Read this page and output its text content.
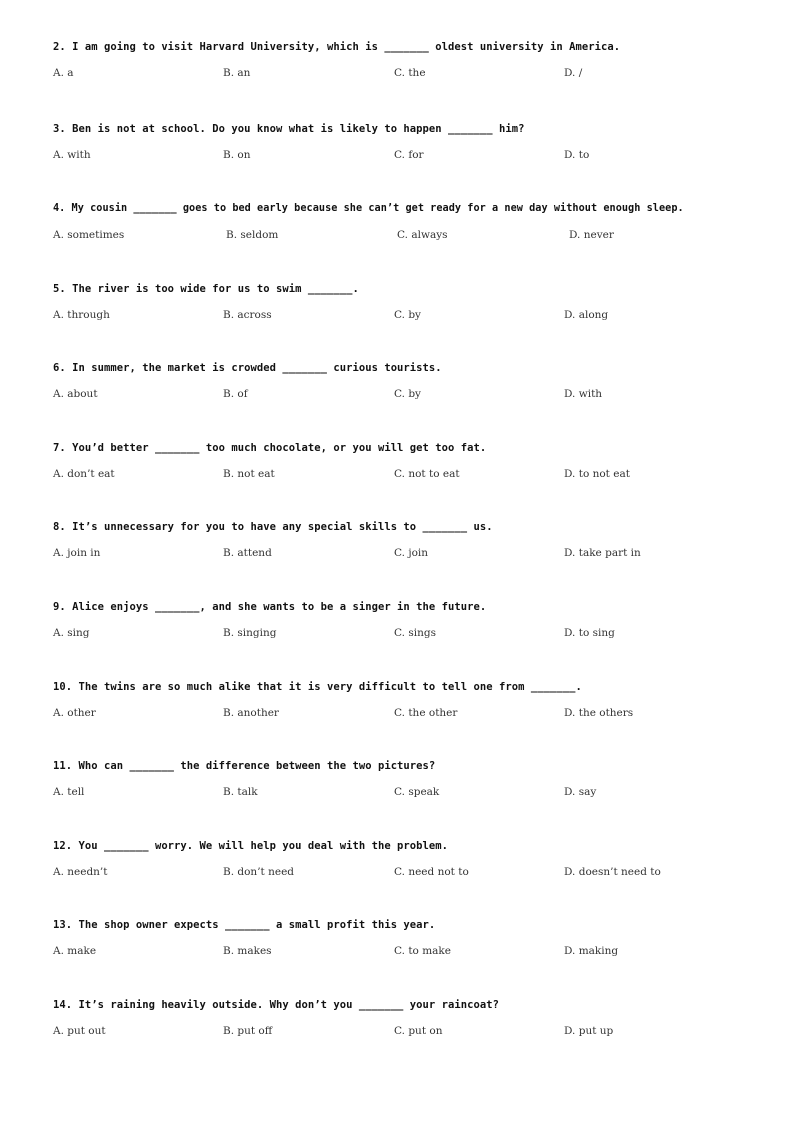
2. I am going to visit Harvard University, which is _______ oldest university in America.
A. a	B. an	C. the	D. /
3. Ben is not at school. Do you know what is likely to happen _______ him?
A. with	B. on	C. for	D. to
4. My cousin _______ goes to bed early because she can’t get ready for a new day without enough sleep.
A. sometimes	B. seldom	C. always	D. never
5. The river is too wide for us to swim _______.
A. through	B. across	C. by	D. along
6. In summer, the market is crowded _______ curious tourists.
A. about	B. of	C. by	D. with
7. You’d better _______ too much chocolate, or you will get too fat.
A. don’t eat	B. not eat	C. not to eat	D. to not eat
8. It’s unnecessary for you to have any special skills to _______ us.
A. join in	B. attend	C. join	D. take part in
9. Alice enjoys _______, and she wants to be a singer in the future.
A. sing	B. singing	C. sings	D. to sing
10. The twins are so much alike that it is very difficult to tell one from _______.
A. other	B. another	C. the other	D. the others
11. Who can _______ the difference between the two pictures?
A. tell	B. talk	C. speak	D. say
12. You _______ worry. We will help you deal with the problem.
A. needn’t	B. don’t need	C. need not to	D. doesn’t need to
13. The shop owner expects _______ a small profit this year.
A. make	B. makes	C. to make	D. making
14. It’s raining heavily outside. Why don’t you _______ your raincoat?
A. put out	B. put off	C. put on	D. put up
